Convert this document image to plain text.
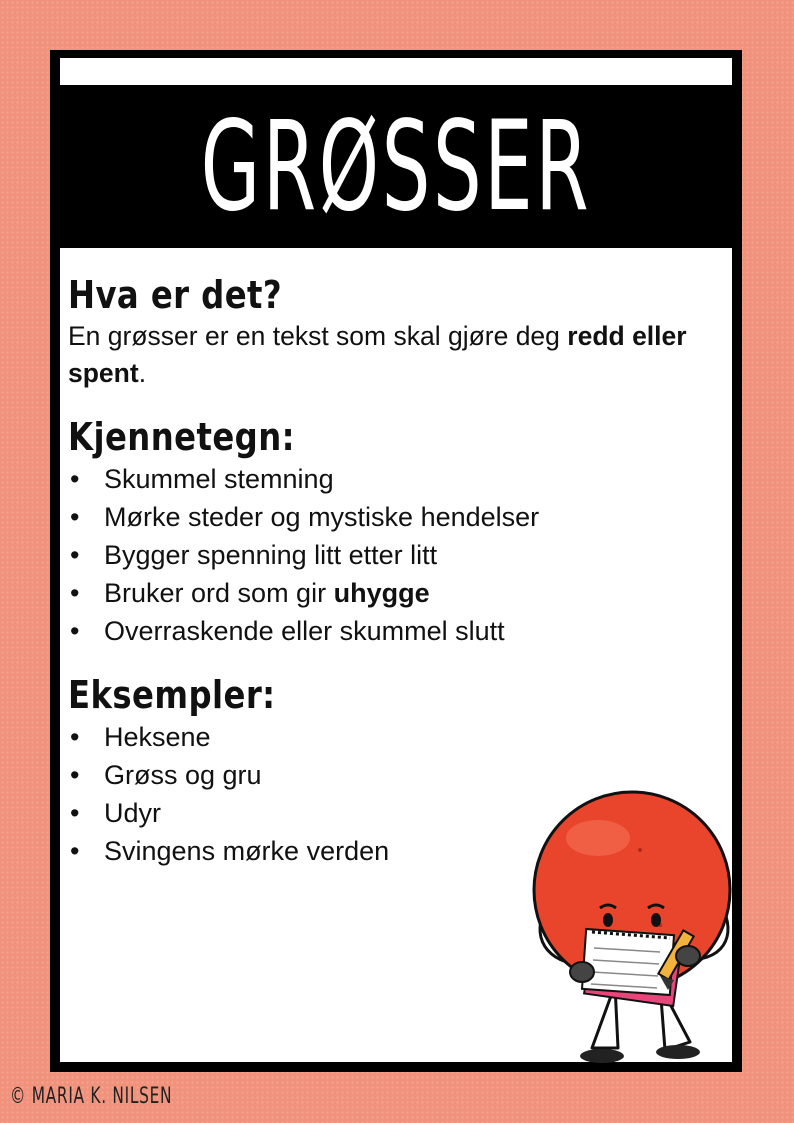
GRØSSER
Hva er det?

En grøsser er en tekst som skal gjøre deg redd eller spent.

Kjennetegn:
• Skummel stemning
• Mørke steder og mystiske hendelser
• Bygger spenning litt etter litt
• Bruker ord som gir uhygge
• Overraskende eller skummel slutt
Eksempler:
• Heksene
• Grøss og gru
• Udyr
• Svingens mørke verden
© MARIA K. NILSEN
